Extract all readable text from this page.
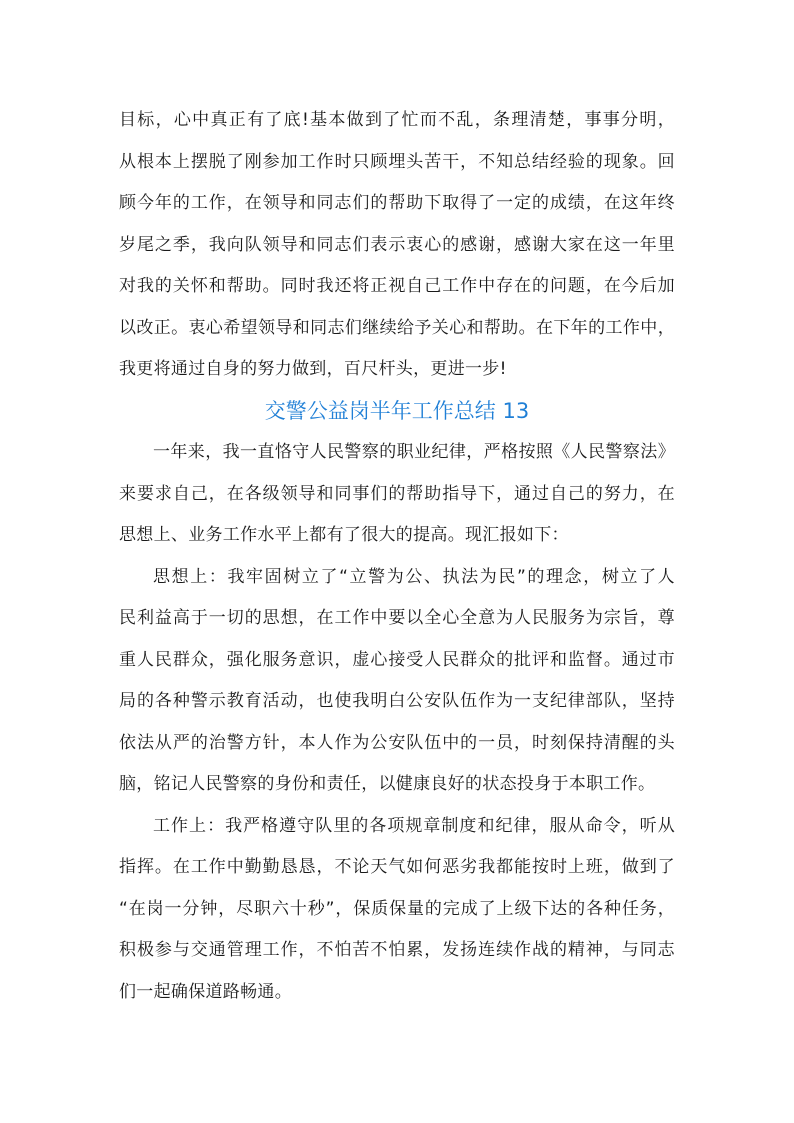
目标，心中真正有了底!基本做到了忙而不乱，条理清楚，事事分明，
从根本上摆脱了刚参加工作时只顾埋头苦干，不知总结经验的现象。回
顾今年的工作，在领导和同志们的帮助下取得了一定的成绩，在这年终
岁尾之季，我向队领导和同志们表示衷心的感谢，感谢大家在这一年里
对我的关怀和帮助。同时我还将正视自己工作中存在的问题，在今后加
以改正。衷心希望领导和同志们继续给予关心和帮助。在下年的工作中，
我更将通过自身的努力做到，百尺杆头，更进一步!
交警公益岗半年工作总结 13
一年来，我一直恪守人民警察的职业纪律，严格按照《人民警察法》
来要求自己，在各级领导和同事们的帮助指导下，通过自己的努力，在
思想上、业务工作水平上都有了很大的提高。现汇报如下：
思想上：我牢固树立了“立警为公、执法为民”的理念，树立了人
民利益高于一切的思想，在工作中要以全心全意为人民服务为宗旨，尊
重人民群众，强化服务意识，虚心接受人民群众的批评和监督。通过市
局的各种警示教育活动，也使我明白公安队伍作为一支纪律部队，坚持
依法从严的治警方针，本人作为公安队伍中的一员，时刻保持清醒的头
脑，铭记人民警察的身份和责任，以健康良好的状态投身于本职工作。
工作上：我严格遵守队里的各项规章制度和纪律，服从命令，听从
指挥。在工作中勤勤恳恳，不论天气如何恶劣我都能按时上班，做到了
“在岗一分钟，尽职六十秒”，保质保量的完成了上级下达的各种任务，
积极参与交通管理工作，不怕苦不怕累，发扬连续作战的精神，与同志
们一起确保道路畅通。
